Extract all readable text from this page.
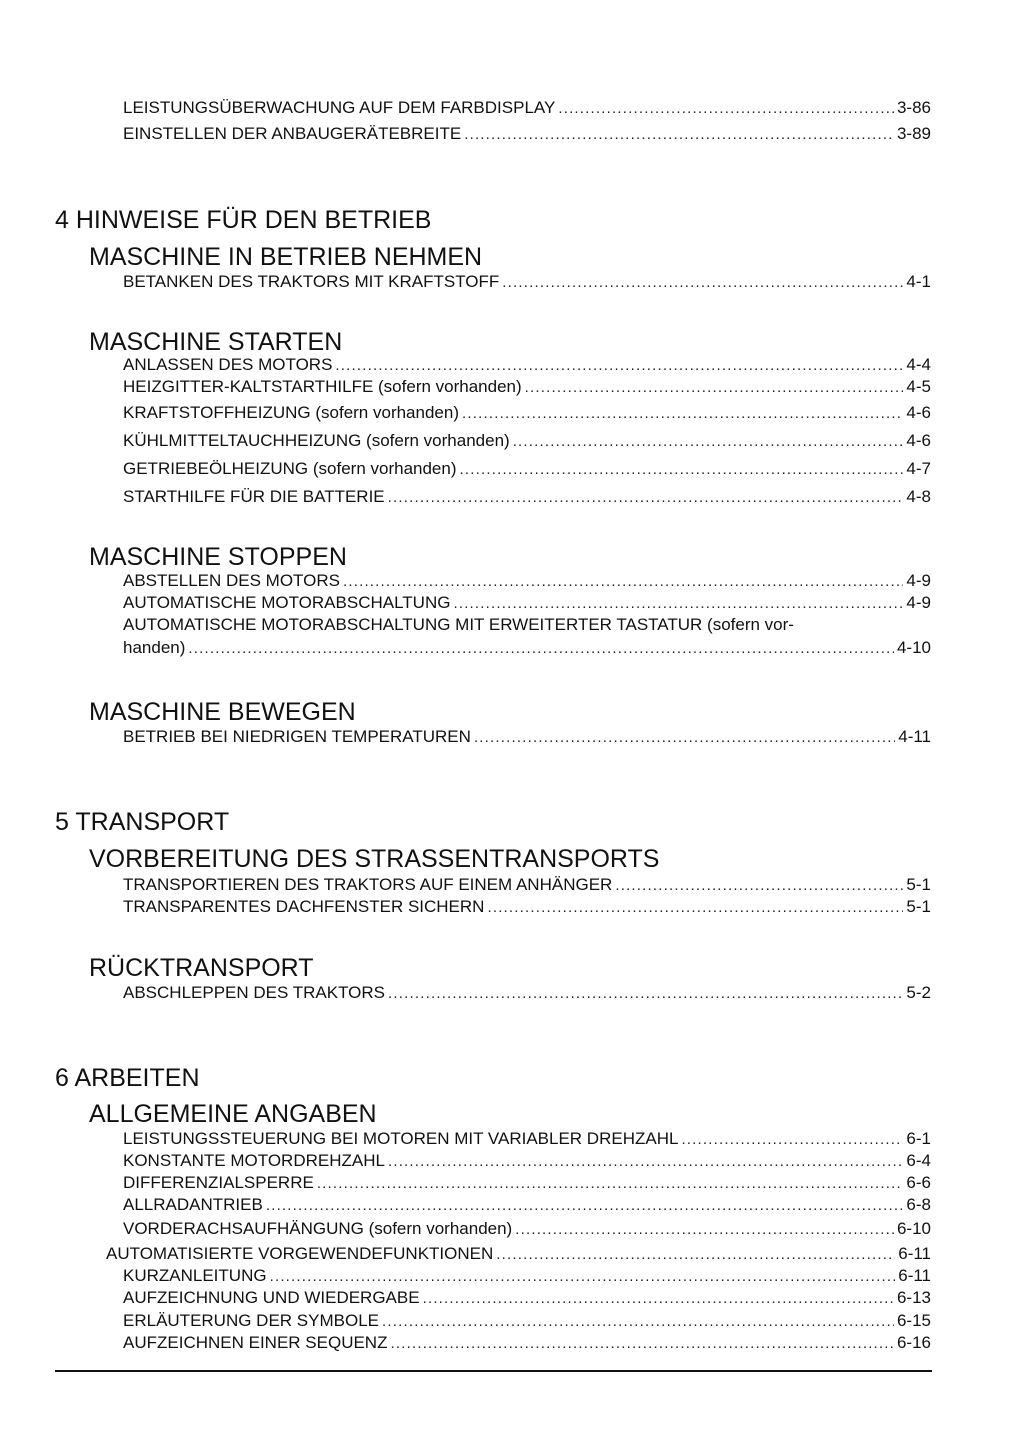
LEISTUNGSÜBERWACHUNG AUF DEM FARBDISPLAY .....	3-86
EINSTELLEN DER ANBAUGERÄTEBREITE .....	3-89
4 HINWEISE FÜR DEN BETRIEB
MASCHINE IN BETRIEB NEHMEN
BETANKEN DES TRAKTORS MIT KRAFTSTOFF .....	4-1
MASCHINE STARTEN
ANLASSEN DES MOTORS .....	4-4
HEIZGITTER-KALTSTARTHILFE (sofern vorhanden) .....	4-5
KRAFTSTOFFHEIZUNG (sofern vorhanden) .....	4-6
KÜHLMITTELTAUCHHEIZUNG (sofern vorhanden) .....	4-6
GETRIEBEÖLHEIZUNG (sofern vorhanden) .....	4-7
STARTHILFE FÜR DIE BATTERIE .....	4-8
MASCHINE STOPPEN
ABSTELLEN DES MOTORS .....	4-9
AUTOMATISCHE MOTORABSCHALTUNG .....	4-9
AUTOMATISCHE MOTORABSCHALTUNG MIT ERWEITERTER TASTATUR (sofern vor-
handen) .....	4-10
MASCHINE BEWEGEN
BETRIEB BEI NIEDRIGEN TEMPERATUREN .....	4-11
5 TRANSPORT
VORBEREITUNG DES STRASSENTRANSPORTS
TRANSPORTIEREN DES TRAKTORS AUF EINEM ANHÄNGER .....	5-1
TRANSPARENTES DACHFENSTER SICHERN .....	5-1
RÜCKTRANSPORT
ABSCHLEPPEN DES TRAKTORS .....	5-2
6 ARBEITEN
ALLGEMEINE ANGABEN
LEISTUNGSSTEUERUNG BEI MOTOREN MIT VARIABLER DREHZAHL .....	6-1
KONSTANTE MOTORDREHZAHL .....	6-4
DIFFERENZIALSPERRE .....	6-6
ALLRADANTRIEB .....	6-8
VORDERACHSAUFHÄNGUNG (sofern vorhanden) .....	6-10
AUTOMATISIERTE VORGEWENDEFUNKTIONEN .....	6-11
KURZANLEITUNG .....	6-11
AUFZEICHNUNG UND WIEDERGABE .....	6-13
ERLÄUTERUNG DER SYMBOLE .....	6-15
AUFZEICHNEN EINER SEQUENZ .....	6-16
